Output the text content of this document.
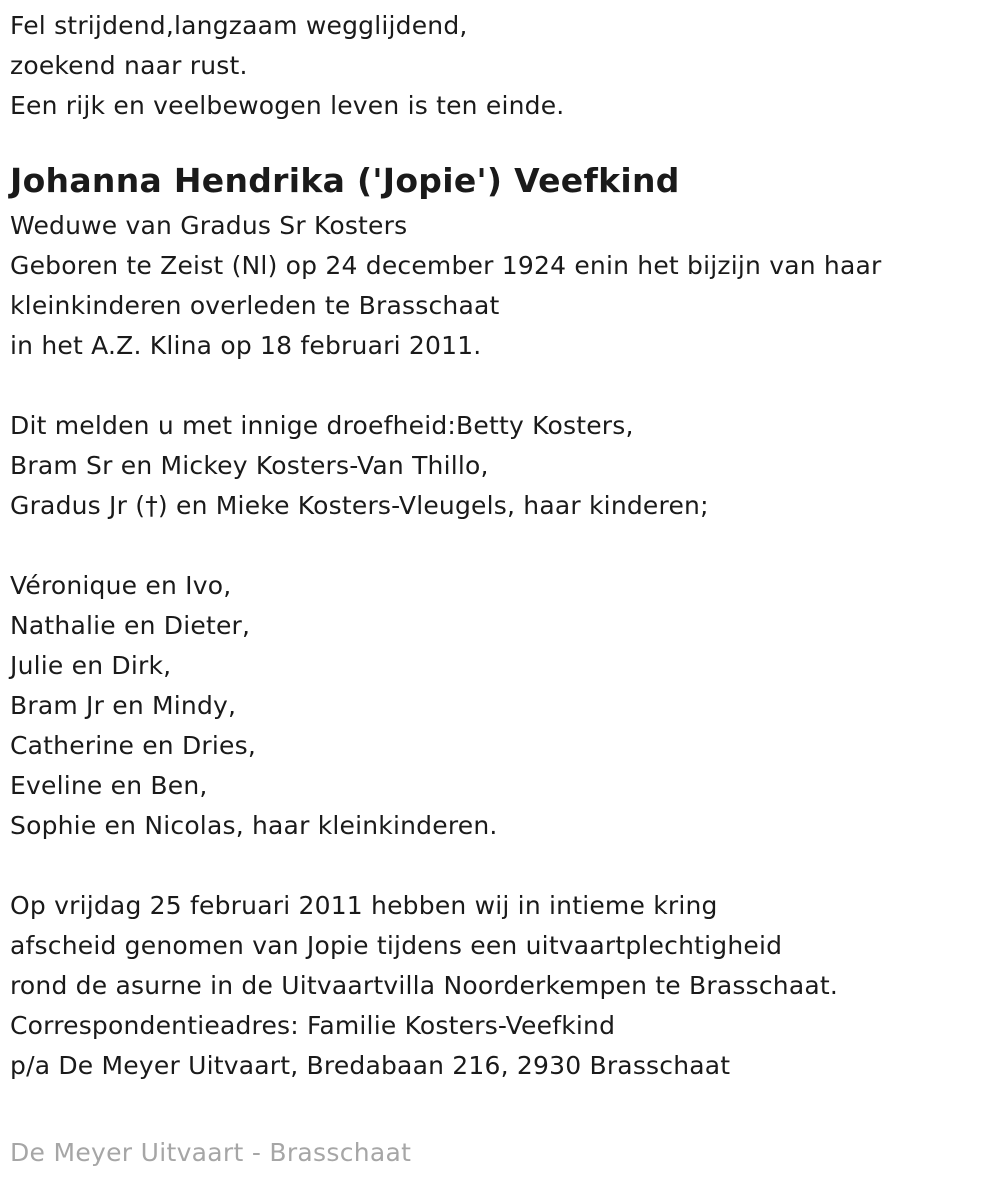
Fel strijdend,langzaam wegglijdend,
zoekend naar rust.
Een rijk en veelbewogen leven is ten einde.
Johanna Hendrika ('Jopie') Veefkind
Weduwe van Gradus Sr Kosters
Geboren te Zeist (Nl) op 24 december 1924 enin het bijzijn van haar
kleinkinderen overleden te Brasschaat
in het A.Z. Klina op 18 februari 2011.
Dit melden u met innige droefheid:Betty Kosters,
Bram Sr en Mickey Kosters-Van Thillo,
Gradus Jr (†) en Mieke Kosters-Vleugels, haar kinderen;
Véronique en Ivo,
Nathalie en Dieter,
Julie en Dirk,
Bram Jr en Mindy,
Catherine en Dries,
Eveline en Ben,
Sophie en Nicolas, haar kleinkinderen.
Op vrijdag 25 februari 2011 hebben wij in intieme kring
afscheid genomen van Jopie tijdens een uitvaartplechtigheid
rond de asurne in de Uitvaartvilla Noorderkempen te Brasschaat.
Correspondentieadres: Familie Kosters-Veefkind
p/a De Meyer Uitvaart, Bredabaan 216, 2930 Brasschaat
De Meyer Uitvaart - Brasschaat
